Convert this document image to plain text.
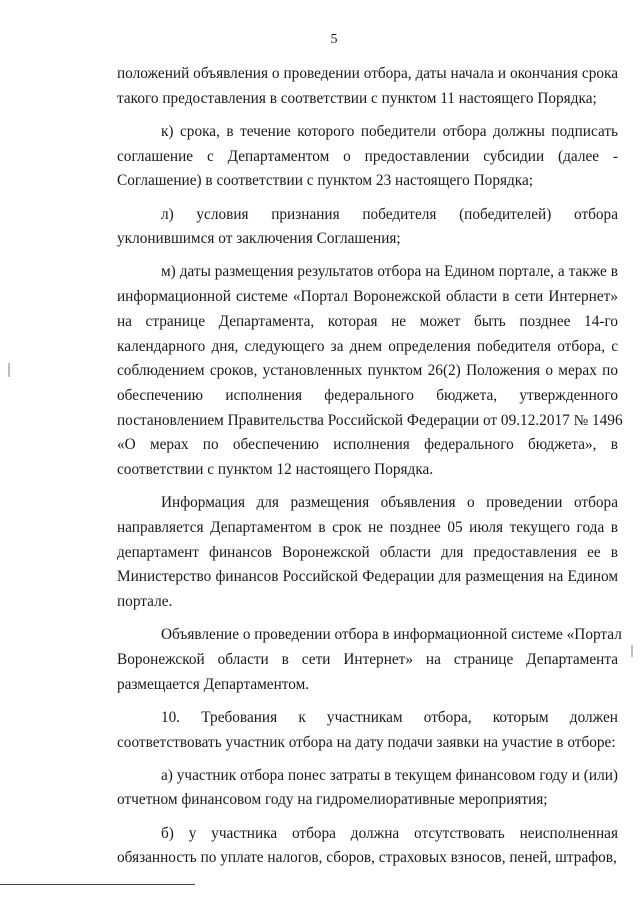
5
положений объявления о проведении отбора, даты начала и окончания срока
такого предоставления в соответствии с пунктом 11 настоящего Порядка;
к) срока, в течение которого победители отбора должны подписать
соглашение с Департаментом о предоставлении субсидии (далее -
Соглашение) в соответствии с пунктом 23 настоящего Порядка;
л) условия признания победителя (победителей) отбора
уклонившимся от заключения Соглашения;
м) даты размещения результатов отбора на Едином портале, а также в
информационной системе «Портал Воронежской области в сети Интернет»
на странице Департамента, которая не может быть позднее 14-го
календарного дня, следующего за днем определения победителя отбора, с
соблюдением сроков, установленных пунктом 26(2) Положения о мерах по
обеспечению исполнения федерального бюджета, утвержденного
постановлением Правительства Российской Федерации от 09.12.2017 № 1496
«О мерах по обеспечению исполнения федерального бюджета», в
соответствии с пунктом 12 настоящего Порядка.
Информация для размещения объявления о проведении отбора
направляется Департаментом в срок не позднее 05 июля текущего года в
департамент финансов Воронежской области для предоставления ее в
Министерство финансов Российской Федерации для размещения на Едином
портале.
Объявление о проведении отбора в информационной системе «Портал
Воронежской области в сети Интернет» на странице Департамента
размещается Департаментом.
10. Требования к участникам отбора, которым должен
соответствовать участник отбора на дату подачи заявки на участие в отборе:
а) участник отбора понес затраты в текущем финансовом году и (или)
отчетном финансовом году на гидромелиоративные мероприятия;
б) у участника отбора должна отсутствовать неисполненная
обязанность по уплате налогов, сборов, страховых взносов, пеней, штрафов,
